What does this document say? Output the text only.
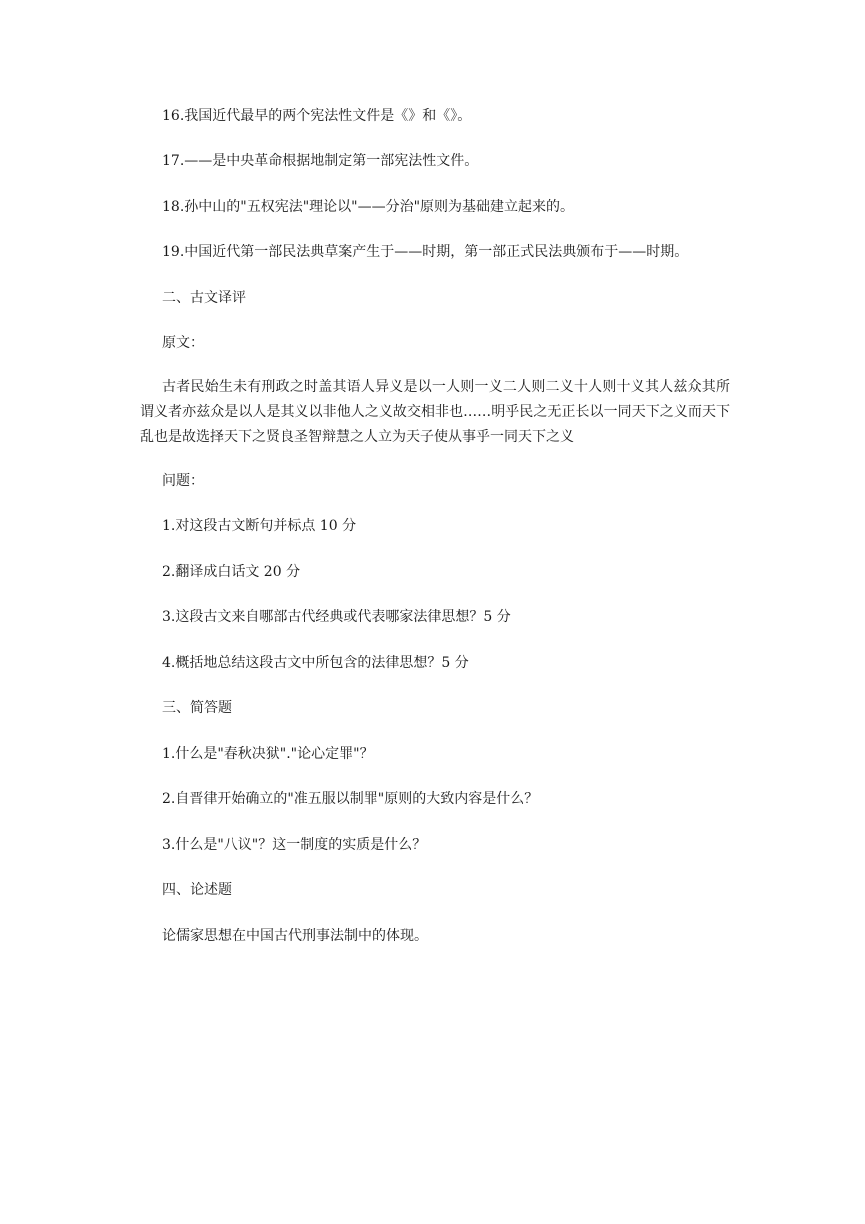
16.我国近代最早的两个宪法性文件是《》和《》。
17.——是中央革命根据地制定第一部宪法性文件。
18.孙中山的"五权宪法"理论以"——分治"原则为基础建立起来的。
19.中国近代第一部民法典草案产生于——时期，第一部正式民法典颁布于——时期。
二、古文译评
原文：
古者民始生未有刑政之时盖其语人异义是以一人则一义二人则二义十人则十义其人兹众其所谓义者亦兹众是以人是其义以非他人之义故交相非也……明乎民之无正长以一同天下之义而天下乱也是故选择天下之贤良圣智辩慧之人立为天子使从事乎一同天下之义
问题：
1.对这段古文断句并标点 10 分
2.翻译成白话文 20 分
3.这段古文来自哪部古代经典或代表哪家法律思想？5 分
4.概括地总结这段古文中所包含的法律思想？5 分
三、简答题
1.什么是"春秋决狱"."论心定罪"？
2.自晋律开始确立的"准五服以制罪"原则的大致内容是什么？
3.什么是"八议"？这一制度的实质是什么？
四、论述题
论儒家思想在中国古代刑事法制中的体现。
